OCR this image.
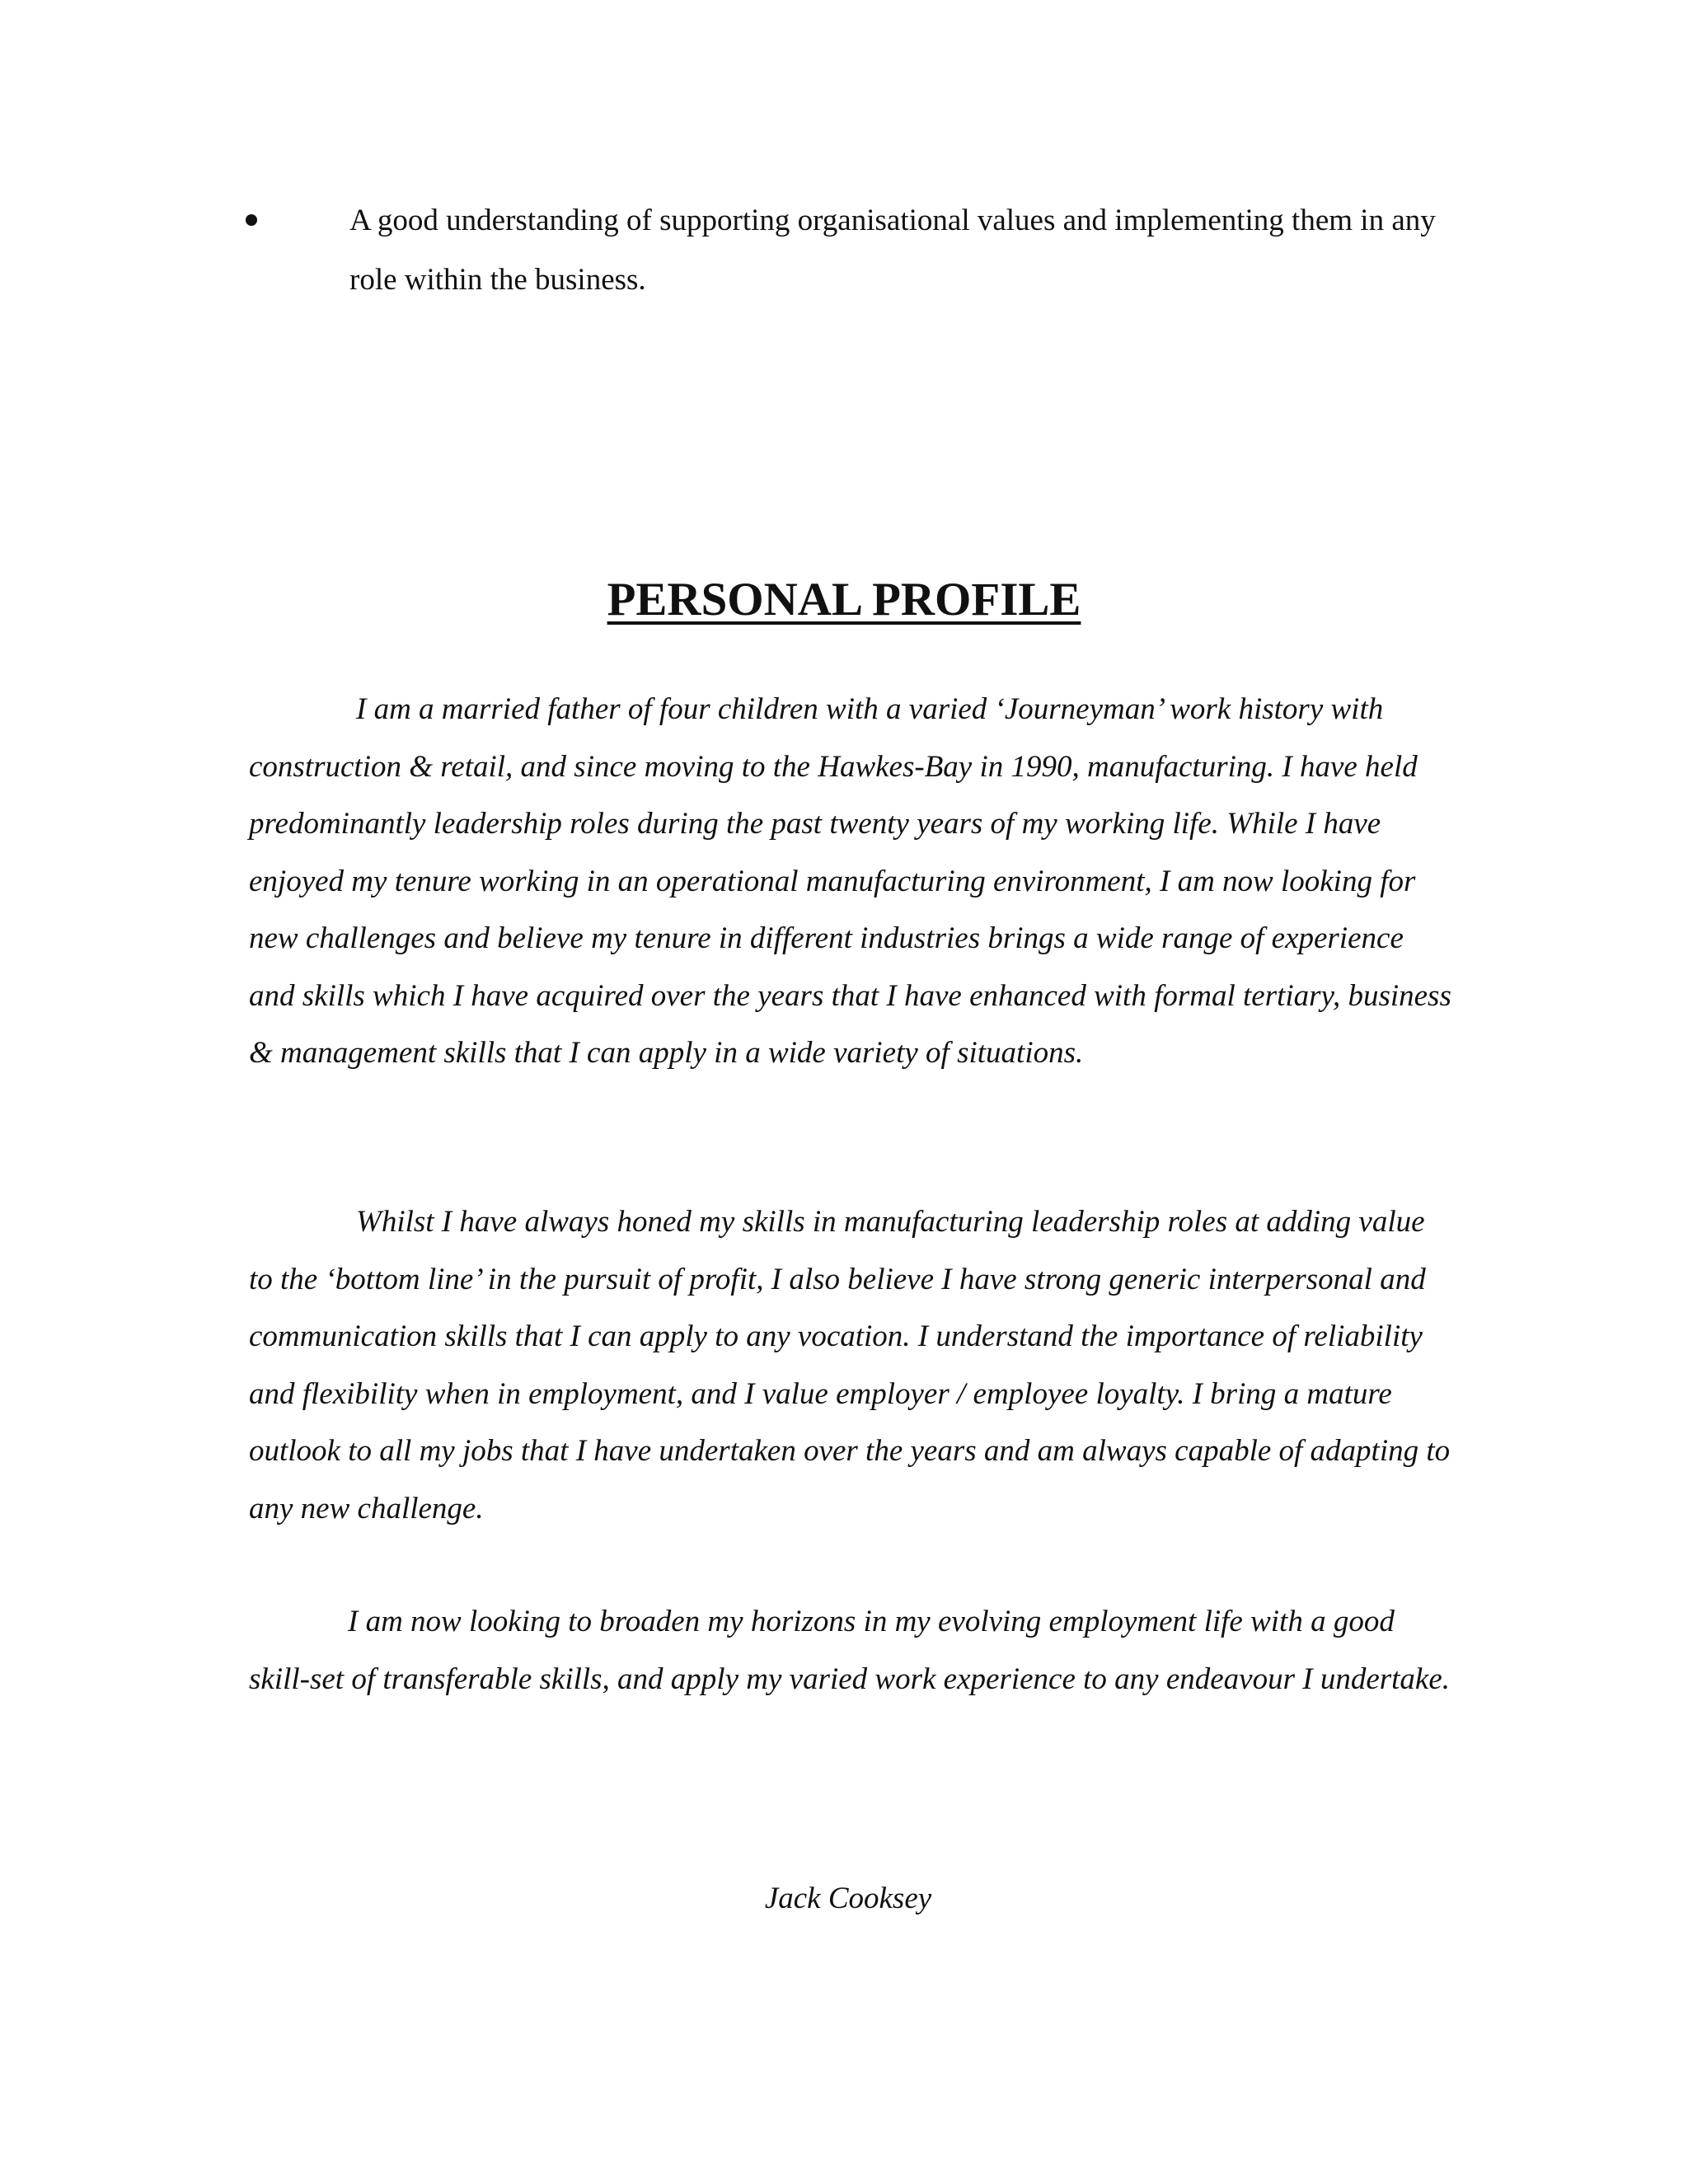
A good understanding of supporting organisational values and implementing them in any role within the business.
PERSONAL PROFILE

I am a married father of four children with a varied ‘Journeyman’ work history with construction & retail, and since moving to the Hawkes-Bay in 1990, manufacturing. I have held predominantly leadership roles during the past twenty years of my working life. While I have enjoyed my tenure working in an operational manufacturing environment, I am now looking for new challenges and believe my tenure in different industries brings a wide range of experience and skills which I have acquired over the years that I have enhanced with formal tertiary, business & management skills that I can apply in a wide variety of situations.

Whilst I have always honed my skills in manufacturing leadership roles at adding value to the ‘bottom line’ in the pursuit of profit, I also believe I have strong generic interpersonal and communication skills that I can apply to any vocation. I understand the importance of reliability and flexibility when in employment, and I value employer / employee loyalty. I bring a mature outlook to all my jobs that I have undertaken over the years and am always capable of adapting to any new challenge.

I am now looking to broaden my horizons in my evolving employment life with a good skill-set of transferable skills, and apply my varied work experience to any endeavour I undertake.

Jack Cooksey
